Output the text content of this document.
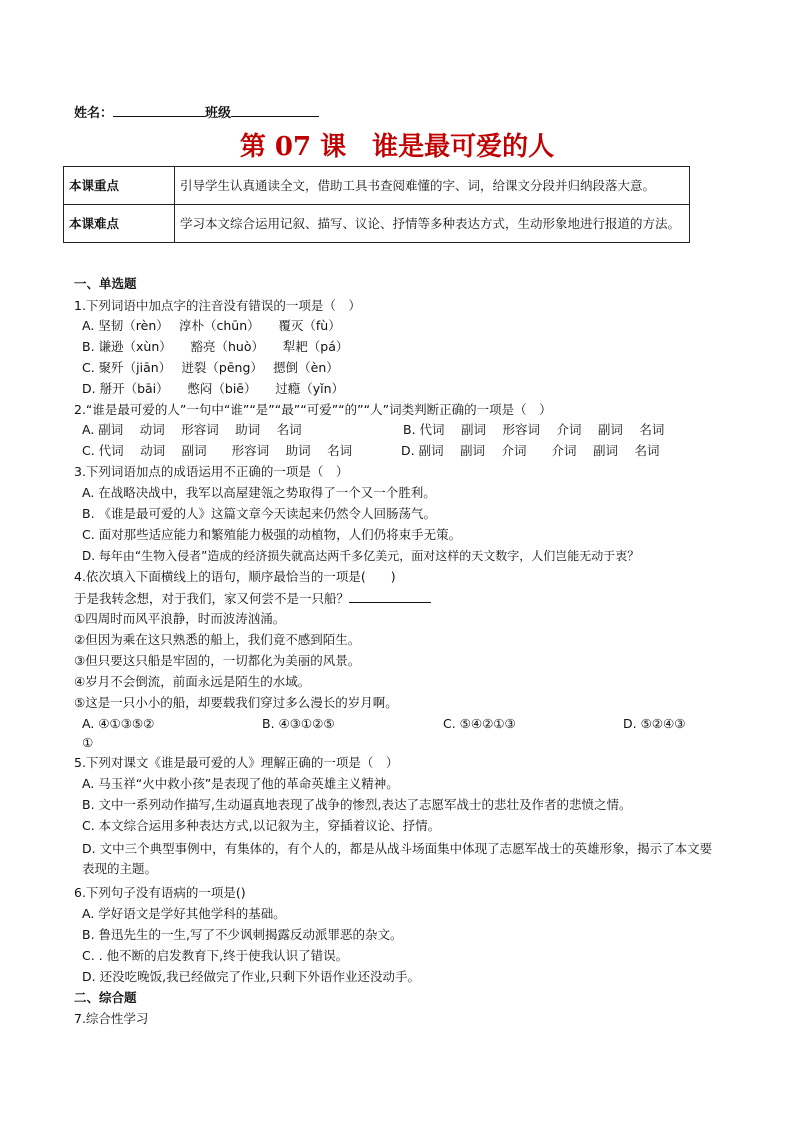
姓名：	班级
第 07 课　谁是最可爱的人
本课重点	引导学生认真通读全文，借助工具书查阅难懂的字、词，给课文分段并归纳段落大意。
本课难点	学习本文综合运用记叙、描写、议论、抒情等多种表达方式，生动形象地进行报道的方法。
一、单选题
1.下列词语中加点字的注音没有错误的一项是（　）
A. 坚韧（rèn）　 淳朴（chūn）　　覆灭（fù）
B. 谦逊（xùn）　　豁亮（huò）　　犁耙（pá）
C. 聚歼（jiān）　 迸裂（pēng）　 摁倒（èn）
D. 掰开（bāi）　　憋闷（biē）　　过瘾（yǐn）
2.“谁是最可爱的人”一句中“谁”“是”“最”“可爱”“的”“人”词类判断正确的一项是（　）
A. 副词　 动词　 形容词　 助词　 名词	B. 代词　 副词　 形容词　 介词　 副词　 名词
C. 代词　 动词　 副词　　形容词　 助词　 名词	D. 副词　 副词　 介词　　介词　 副词　 名词
3.下列词语加点的成语运用不正确的一项是（　）
A. 在战略决战中，我军以高屋建瓴之势取得了一个又一个胜利。
B. 《谁是最可爱的人》这篇文章今天读起来仍然令人回肠荡气。
C. 面对那些适应能力和繁殖能力极强的动植物，人们仍将束手无策。
D. 每年由“生物入侵者”造成的经济损失就高达两千多亿美元，面对这样的天文数字，人们岂能无动于衷？
4.依次填入下面横线上的语句，顺序最恰当的一项是(　　)
于是我转念想，对于我们，家又何尝不是一只船？
①四周时而风平浪静，时而波涛汹涌。
②但因为乘在这只熟悉的船上，我们竟不感到陌生。
③但只要这只船是牢固的，一切都化为美丽的风景。
④岁月不会倒流，前面永远是陌生的水域。
⑤这是一只小小的船，却要载我们穿过多么漫长的岁月啊。
A. ④①③⑤②	B. ④③①②⑤	C. ⑤④②①③	D. ⑤②④③
①
5.下列对课文《谁是最可爱的人》理解正确的一项是（　）
A. 马玉祥“火中救小孩”是表现了他的革命英雄主义精神。
B. 文中一系列动作描写,生动逼真地表现了战争的惨烈,表达了志愿军战士的悲壮及作者的悲愤之情。
C. 本文综合运用多种表达方式,以记叙为主，穿插着议论、抒情。
D. 文中三个典型事例中，有集体的，有个人的，都是从战斗场面集中体现了志愿军战士的英雄形象，揭示了本文要表现的主题。
6.下列句子没有语病的一项是()
A. 学好语文是学好其他学科的基础。
B. 鲁迅先生的一生,写了不少讽刺揭露反动派罪恶的杂文。
C. . 他不断的启发教育下,终于使我认识了错误。
D. 还没吃晚饭,我已经做完了作业,只剩下外语作业还没动手。
二、综合题
7.综合性学习
